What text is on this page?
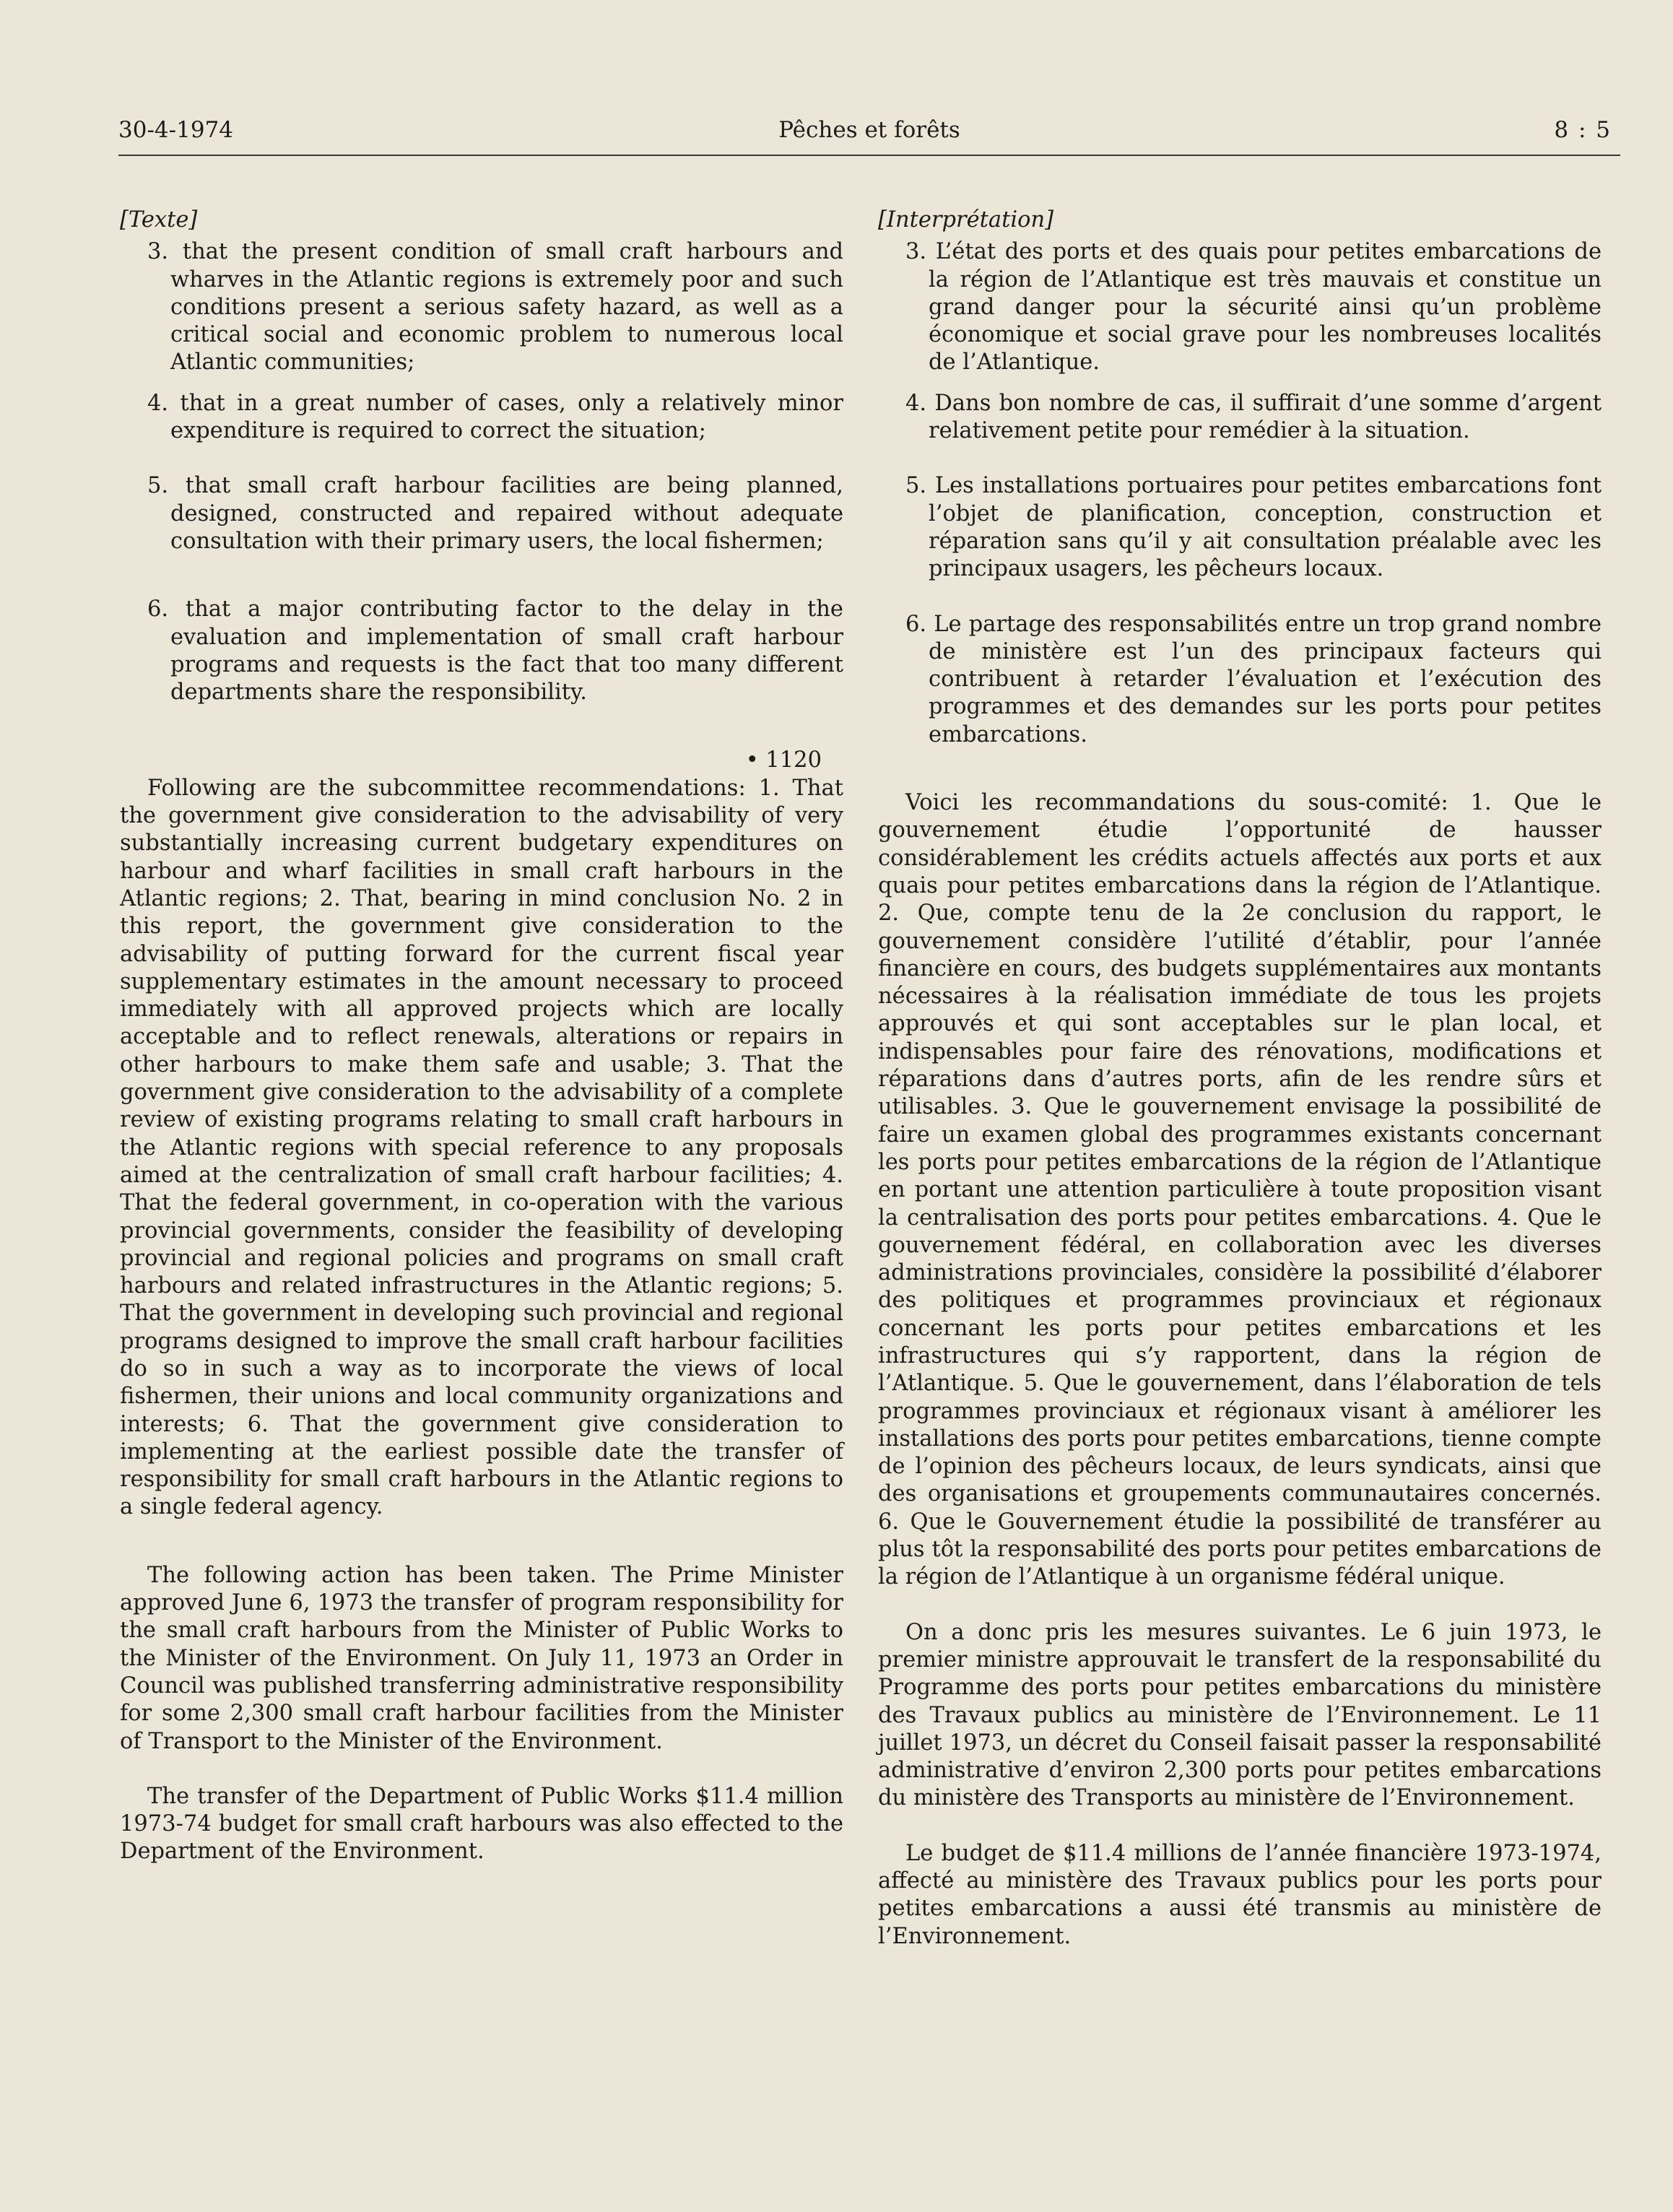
30-4-1974	Pêches et forêts	8 : 5

[Texte]

3. that the present condition of small craft harbours and wharves in the Atlantic regions is extremely poor and such conditions present a serious safety hazard, as well as a critical social and economic problem to numerous local Atlantic communities;

4. that in a great number of cases, only a relatively minor expenditure is required to correct the situation;

5. that small craft harbour facilities are being planned, designed, constructed and repaired without adequate consultation with their primary users, the local fishermen;

6. that a major contributing factor to the delay in the evaluation and implementation of small craft harbour programs and requests is the fact that too many different departments share the responsibility.

• 1120

Following are the subcommittee recommendations: 1. That the government give consideration to the advisability of very substantially increasing current budgetary expenditures on harbour and wharf facilities in small craft harbours in the Atlantic regions; 2. That, bearing in mind conclusion No. 2 in this report, the government give consideration to the advisability of putting forward for the current fiscal year supplementary estimates in the amount necessary to proceed immediately with all approved projects which are locally acceptable and to reflect renewals, alterations or repairs in other harbours to make them safe and usable; 3. That the government give consideration to the advisability of a complete review of existing programs relating to small craft harbours in the Atlantic regions with special reference to any proposals aimed at the centralization of small craft harbour facilities; 4. That the federal government, in co-operation with the various provincial governments, consider the feasibility of developing provincial and regional policies and programs on small craft harbours and related infrastructures in the Atlantic regions; 5. That the government in developing such provincial and regional programs designed to improve the small craft harbour facilities do so in such a way as to incorporate the views of local fishermen, their unions and local community organizations and interests; 6. That the government give consideration to implementing at the earliest possible date the transfer of responsibility for small craft harbours in the Atlantic regions to a single federal agency.

The following action has been taken. The Prime Minister approved June 6, 1973 the transfer of program responsibility for the small craft harbours from the Minister of Public Works to the Minister of the Environment. On July 11, 1973 an Order in Council was published transferring administrative responsibility for some 2,300 small craft harbour facilities from the Minister of Transport to the Minister of the Environment.

The transfer of the Department of Public Works $11.4 million 1973-74 budget for small craft harbours was also effected to the Department of the Environment.

[Interprétation]

3. L’état des ports et des quais pour petites embarcations de la région de l’Atlantique est très mauvais et constitue un grand danger pour la sécurité ainsi qu’un problème économique et social grave pour les nombreuses localités de l’Atlantique.

4. Dans bon nombre de cas, il suffirait d’une somme d’argent relativement petite pour remédier à la situation.

5. Les installations portuaires pour petites embarcations font l’objet de planification, conception, construction et réparation sans qu’il y ait consultation préalable avec les principaux usagers, les pêcheurs locaux.

6. Le partage des responsabilités entre un trop grand nombre de ministère est l’un des principaux facteurs qui contribuent à retarder l’évaluation et l’exécution des programmes et des demandes sur les ports pour petites embarcations.

Voici les recommandations du sous-comité: 1. Que le gouvernement étudie l’opportunité de hausser considérablement les crédits actuels affectés aux ports et aux quais pour petites embarcations dans la région de l’Atlantique. 2. Que, compte tenu de la 2e conclusion du rapport, le gouvernement considère l’utilité d’établir, pour l’année financière en cours, des budgets supplémentaires aux montants nécessaires à la réalisation immédiate de tous les projets approuvés et qui sont acceptables sur le plan local, et indispensables pour faire des rénovations, modifications et réparations dans d’autres ports, afin de les rendre sûrs et utilisables. 3. Que le gouvernement envisage la possibilité de faire un examen global des programmes existants concernant les ports pour petites embarcations de la région de l’Atlantique en portant une attention particulière à toute proposition visant la centralisation des ports pour petites embarcations. 4. Que le gouvernement fédéral, en collaboration avec les diverses administrations provinciales, considère la possibilité d’élaborer des politiques et programmes provinciaux et régionaux concernant les ports pour petites embarcations et les infrastructures qui s’y rapportent, dans la région de l’Atlantique. 5. Que le gouvernement, dans l’élaboration de tels programmes provinciaux et régionaux visant à améliorer les installations des ports pour petites embarcations, tienne compte de l’opinion des pêcheurs locaux, de leurs syndicats, ainsi que des organisations et groupements communautaires concernés. 6. Que le Gouvernement étudie la possibilité de transférer au plus tôt la responsabilité des ports pour petites embarcations de la région de l’Atlantique à un organisme fédéral unique.

On a donc pris les mesures suivantes. Le 6 juin 1973, le premier ministre approuvait le transfert de la responsabilité du Programme des ports pour petites embarcations du ministère des Travaux publics au ministère de l’Environnement. Le 11 juillet 1973, un décret du Conseil faisait passer la responsabilité administrative d’environ 2,300 ports pour petites embarcations du ministère des Transports au ministère de l’Environnement.

Le budget de $11.4 millions de l’année financière 1973-1974, affecté au ministère des Travaux publics pour les ports pour petites embarcations a aussi été transmis au ministère de l’Environnement.
